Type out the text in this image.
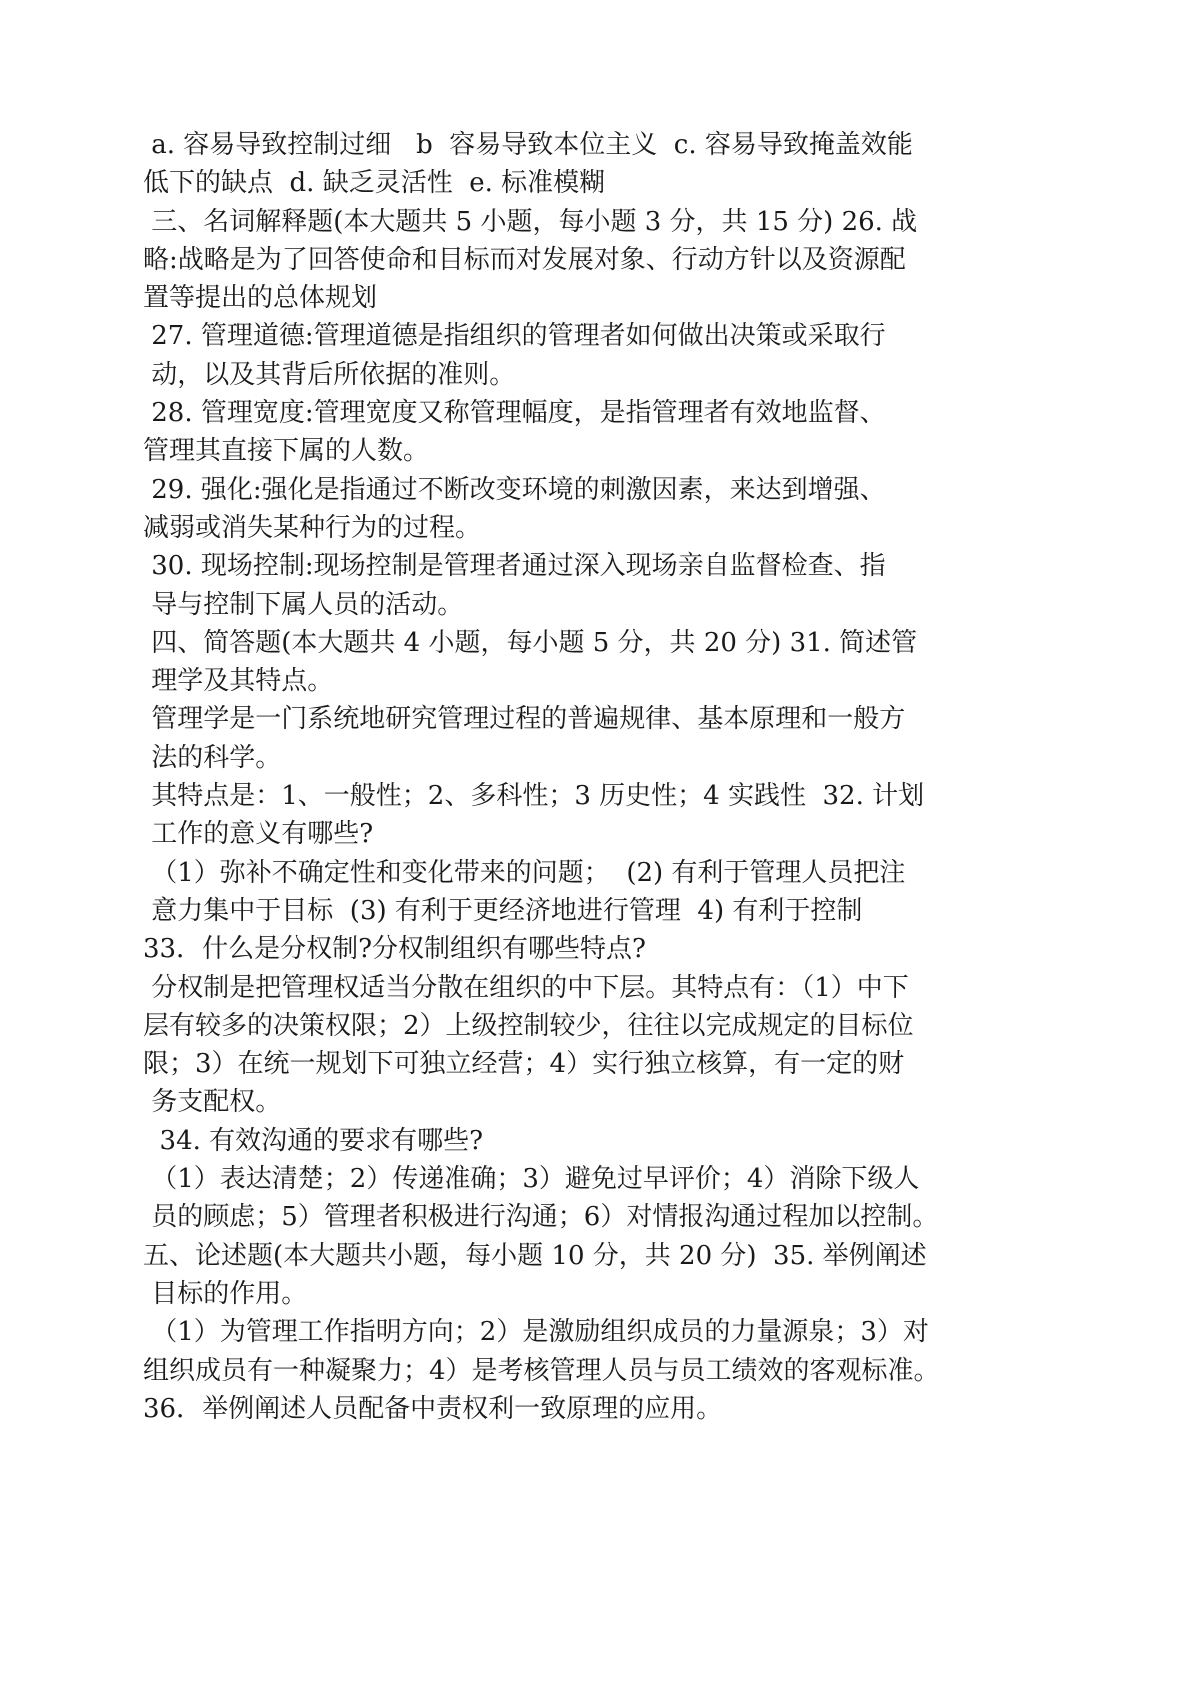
a. 容易导致控制过细   b  容易导致本位主义  c. 容易导致掩盖效能
低下的缺点  d. 缺乏灵活性  e. 标准模糊
三、名词解释题(本大题共 5 小题，每小题 3 分，共 15 分) 26. 战
略:战略是为了回答使命和目标而对发展对象、行动方针以及资源配
置等提出的总体规划
27. 管理道德:管理道德是指组织的管理者如何做出决策或采取行
动，以及其背后所依据的准则。
28. 管理宽度:管理宽度又称管理幅度，是指管理者有效地监督、
管理其直接下属的人数。
29. 强化:强化是指通过不断改变环境的刺激因素，来达到增强、
减弱或消失某种行为的过程。
30. 现场控制:现场控制是管理者通过深入现场亲自监督检查、指
导与控制下属人员的活动。
四、简答题(本大题共 4 小题，每小题 5 分，共 20 分) 31. 简述管
理学及其特点。
管理学是一门系统地研究管理过程的普遍规律、基本原理和一般方
法的科学。
其特点是：1、一般性；2、多科性；3 历史性；4 实践性  32. 计划
工作的意义有哪些?
（1）弥补不确定性和变化带来的问题；  (2) 有利于管理人员把注
意力集中于目标  (3) 有利于更经济地进行管理  4) 有利于控制
33．什么是分权制?分权制组织有哪些特点?
分权制是把管理权适当分散在组织的中下层。其特点有：（1）中下
层有较多的决策权限；2）上级控制较少，往往以完成规定的目标位
限；3）在统一规划下可独立经营；4）实行独立核算，有一定的财
务支配权。
34. 有效沟通的要求有哪些?
（1）表达清楚；2）传递准确；3）避免过早评价；4）消除下级人
员的顾虑；5）管理者积极进行沟通；6）对情报沟通过程加以控制。
五、论述题(本大题共小题，每小题 10 分，共 20 分)  35. 举例阐述
目标的作用。
（1）为管理工作指明方向；2）是激励组织成员的力量源泉；3）对
组织成员有一种凝聚力；4）是考核管理人员与员工绩效的客观标准。
36．举例阐述人员配备中责权利一致原理的应用。
